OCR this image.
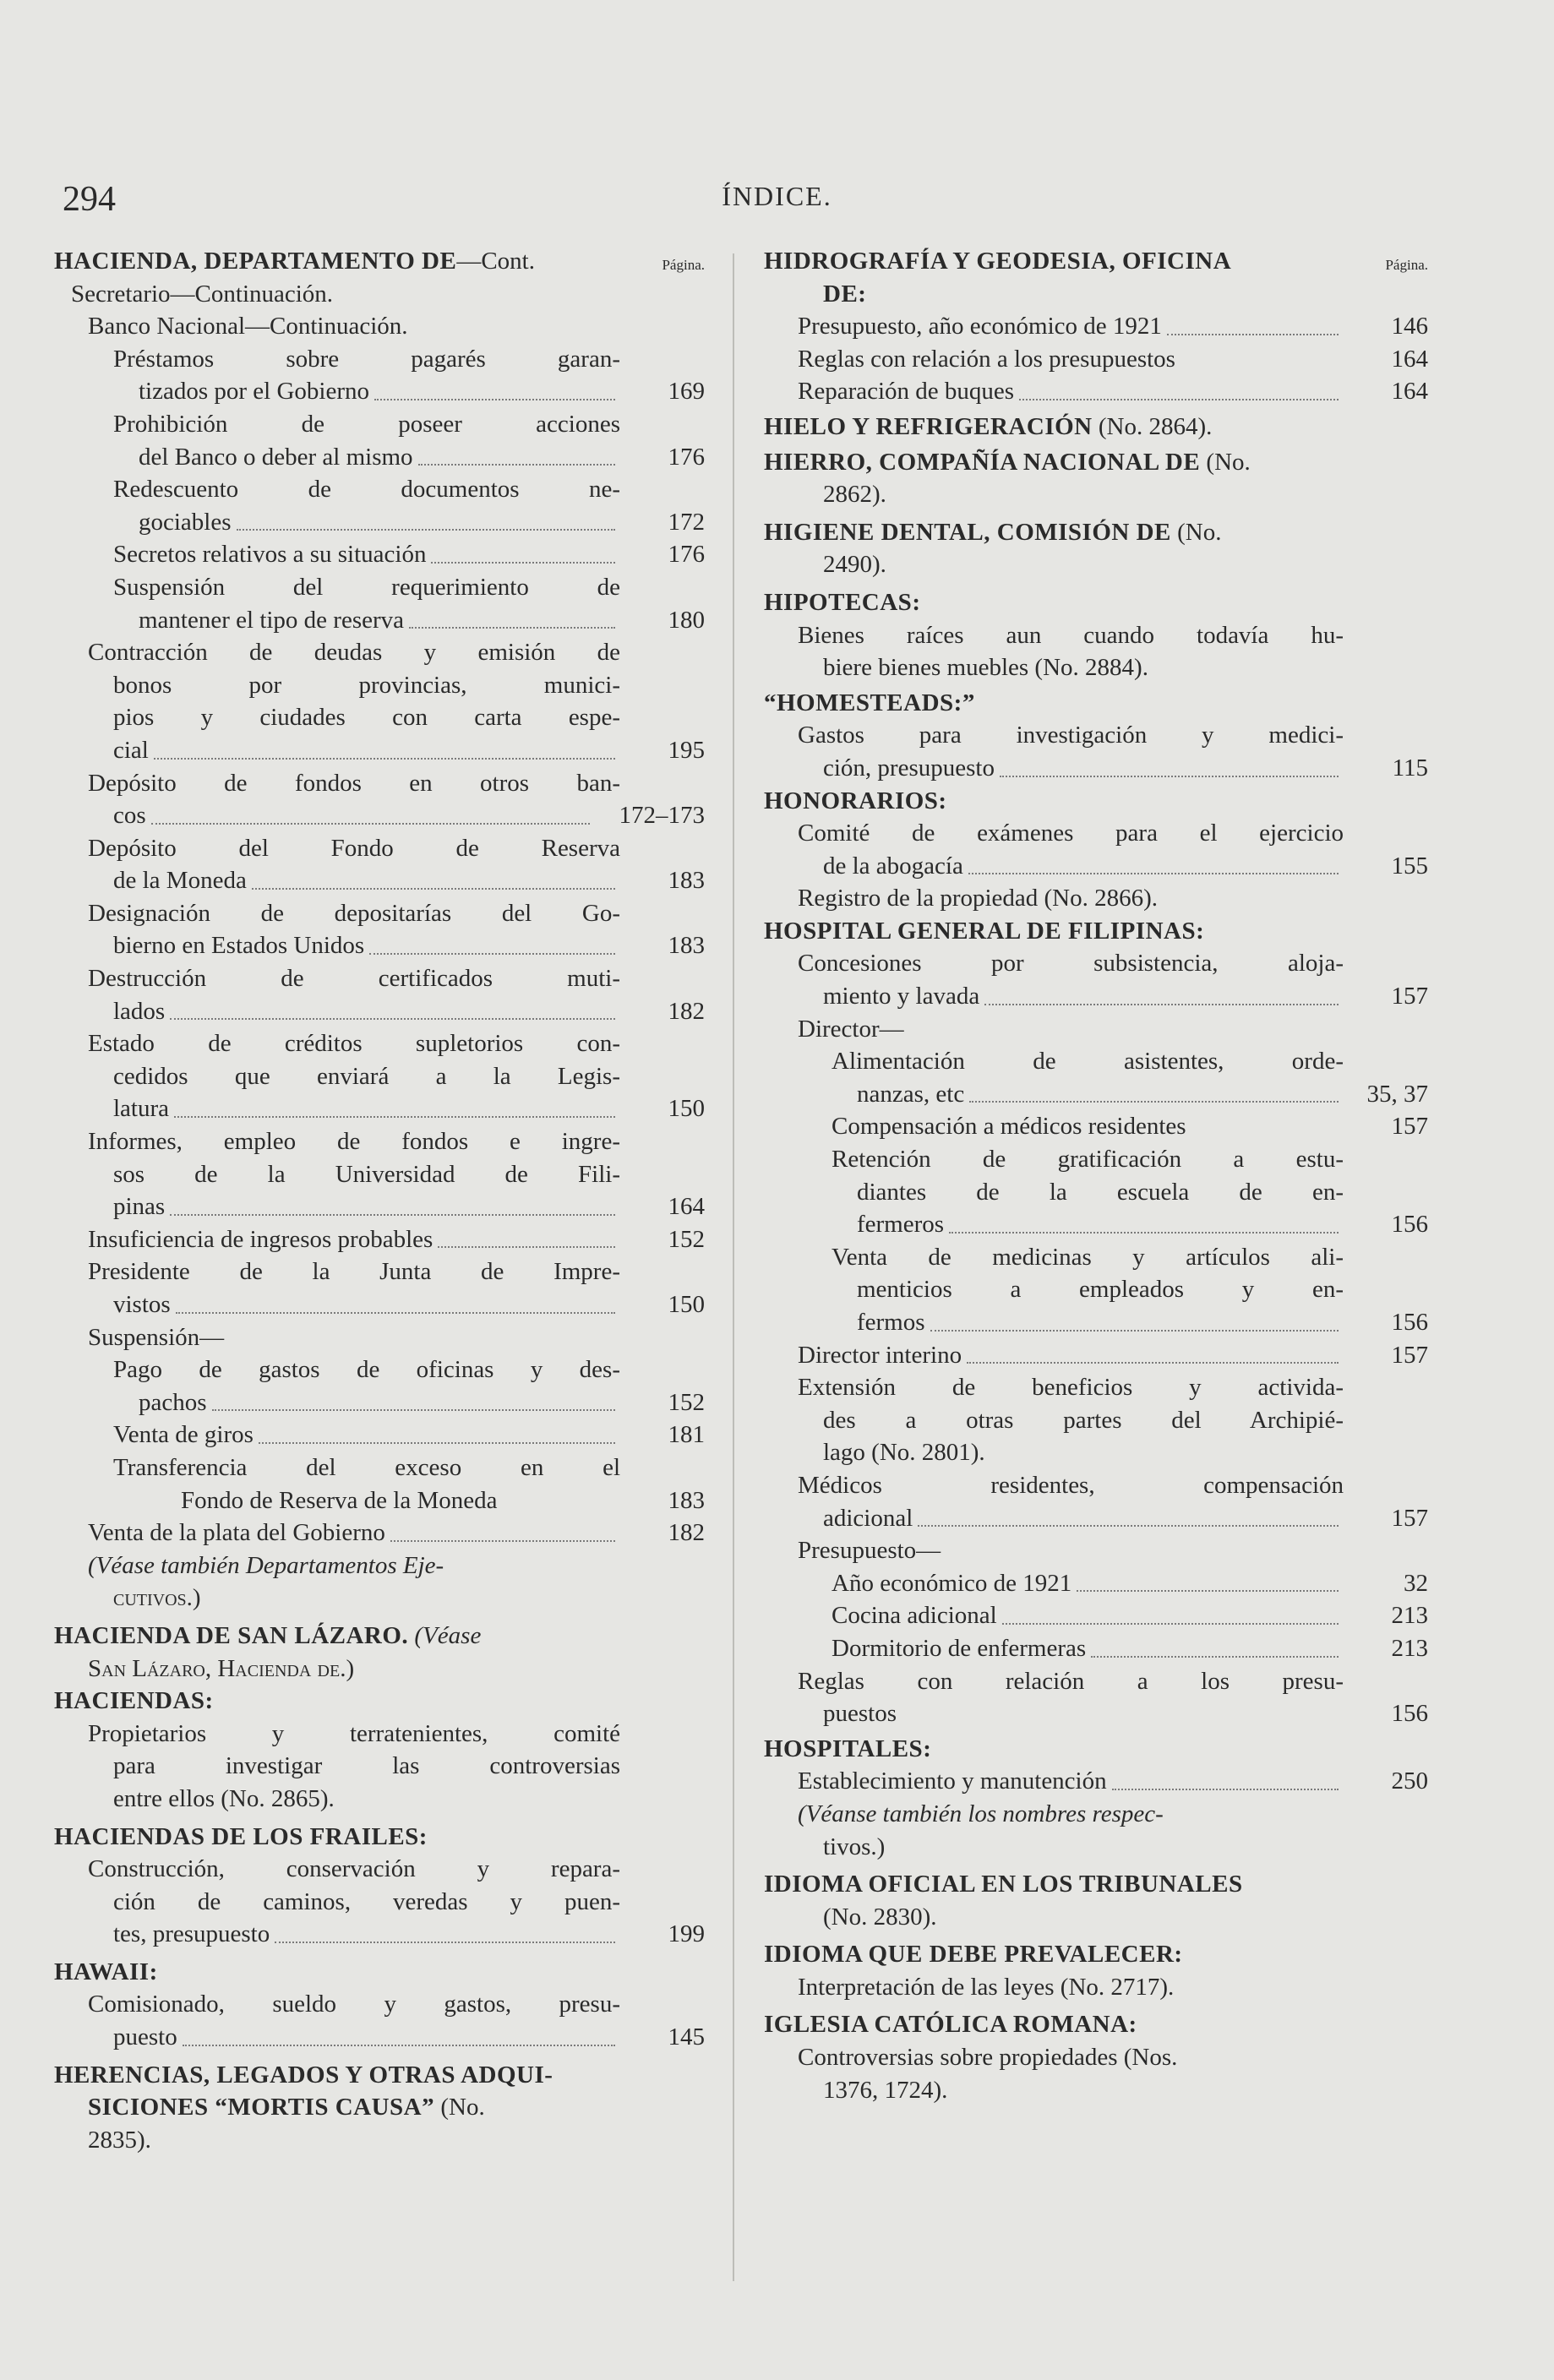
294	ÍNDICE.
Página.
HACIENDA, DEPARTAMENTO DE—Cont.
Secretario—Continuación.
Banco Nacional—Continuación.
Préstamos sobre pagarés garan-
tizados por el Gobierno	169
Prohibición de poseer acciones
del Banco o deber al mismo	176
Redescuento de documentos ne-
gociables	172
Secretos relativos a su situación	176
Suspensión del requerimiento de
mantener el tipo de reserva	180
Contracción de deudas y emisión de
bonos por provincias, munici-
pios y ciudades con carta espe-
cial	195
Depósito de fondos en otros ban-
cos	172–173
Depósito del Fondo de Reserva
de la Moneda	183
Designación de depositarías del Go-
bierno en Estados Unidos	183
Destrucción de certificados muti-
lados	182
Estado de créditos supletorios con-
cedidos que enviará a la Legis-
latura	150
Informes, empleo de fondos e ingre-
sos de la Universidad de Fili-
pinas	164
Insuficiencia de ingresos probables	152
Presidente de la Junta de Impre-
vistos	150
Suspensión—
Pago de gastos de oficinas y des-
pachos	152
Venta de giros	181
Transferencia del exceso en el
Fondo de Reserva de la Moneda	183
Venta de la plata del Gobierno	182
(Véase también Departamentos Eje-
cutivos.)
HACIENDA DE SAN LÁZARO. (Véase
San Lázaro, Hacienda de.)
HACIENDAS:
Propietarios y terratenientes, comité
para investigar las controversias
entre ellos (No. 2865).
HACIENDAS DE LOS FRAILES:
Construcción, conservación y repara-
ción de caminos, veredas y puen-
tes, presupuesto	199
HAWAII:
Comisionado, sueldo y gastos, presu-
puesto	145
HERENCIAS, LEGADOS Y OTRAS ADQUI-
SICIONES “MORTIS CAUSA” (No.
2835).
Página.
HIDROGRAFÍA Y GEODESIA, OFICINA
DE:
Presupuesto, año económico de 1921	146
Reglas con relación a los presupuestos	164
Reparación de buques	164
HIELO Y REFRIGERACIÓN (No. 2864).
HIERRO, COMPAÑÍA NACIONAL DE (No.
2862).
HIGIENE DENTAL, COMISIÓN DE (No.
2490).
HIPOTECAS:
Bienes raíces aun cuando todavía hu-
biere bienes muebles (No. 2884).
“HOMESTEADS:”
Gastos para investigación y medici-
ción, presupuesto	115
HONORARIOS:
Comité de exámenes para el ejercicio
de la abogacía	155
Registro de la propiedad (No. 2866).
HOSPITAL GENERAL DE FILIPINAS:
Concesiones por subsistencia, aloja-
miento y lavada	157
Director—
Alimentación de asistentes, orde-
nanzas, etc	35, 37
Compensación a médicos residentes	157
Retención de gratificación a estu-
diantes de la escuela de en-
fermeros	156
Venta de medicinas y artículos ali-
menticios a empleados y en-
fermos	156
Director interino	157
Extensión de beneficios y activida-
des a otras partes del Archipié-
lago (No. 2801).
Médicos residentes, compensación
adicional	157
Presupuesto—
Año económico de 1921	32
Cocina adicional	213
Dormitorio de enfermeras	213
Reglas con relación a los presu-
puestos	156
HOSPITALES:
Establecimiento y manutención	250
(Véanse también los nombres respec-
tivos.)
IDIOMA OFICIAL EN LOS TRIBUNALES
(No. 2830).
IDIOMA QUE DEBE PREVALECER:
Interpretación de las leyes (No. 2717).
IGLESIA CATÓLICA ROMANA:
Controversias sobre propiedades (Nos.
1376, 1724).
